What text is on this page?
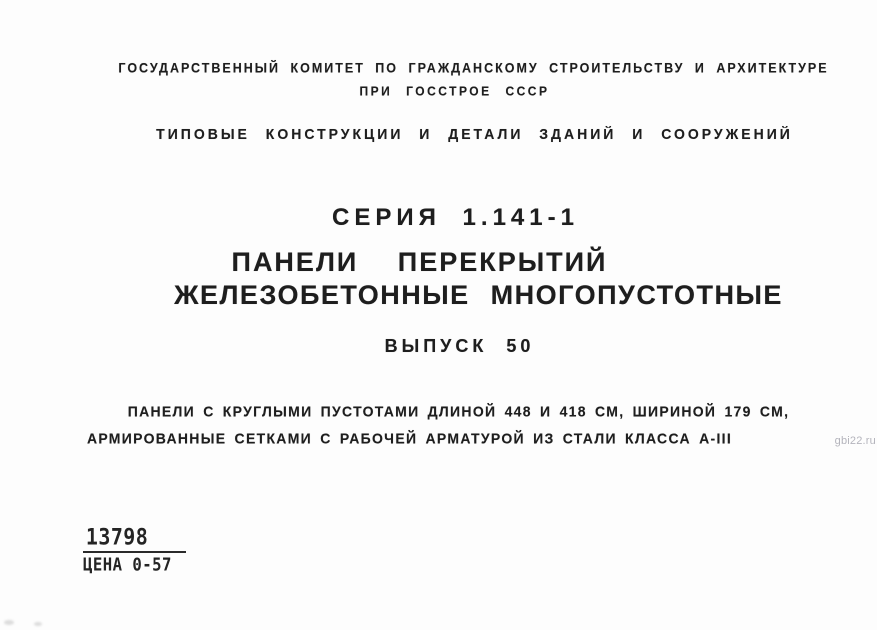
ГОСУДАРСТВЕННЫЙ КОМИТЕТ ПО ГРАЖДАНСКОМУ СТРОИТЕЛЬСТВУ И АРХИТЕКТУРЕ
ПРИ ГОССТРОЕ СССР
ТИПОВЫЕ КОНСТРУКЦИИ И ДЕТАЛИ ЗДАНИЙ И СООРУЖЕНИЙ
СЕРИЯ 1.141-1
ПАНЕЛИ ПЕРЕКРЫТИЙ
ЖЕЛЕЗОБЕТОННЫЕ МНОГОПУСТОТНЫЕ
ВЫПУСК 50
ПАНЕЛИ С КРУГЛЫМИ ПУСТОТАМИ ДЛИНОЙ 448 И 418 СМ, ШИРИНОЙ 179 СМ,
АРМИРОВАННЫЕ СЕТКАМИ С РАБОЧЕЙ АРМАТУРОЙ ИЗ СТАЛИ КЛАССА А-III
13798
ЦЕНА 0-57
gbi22.ru
